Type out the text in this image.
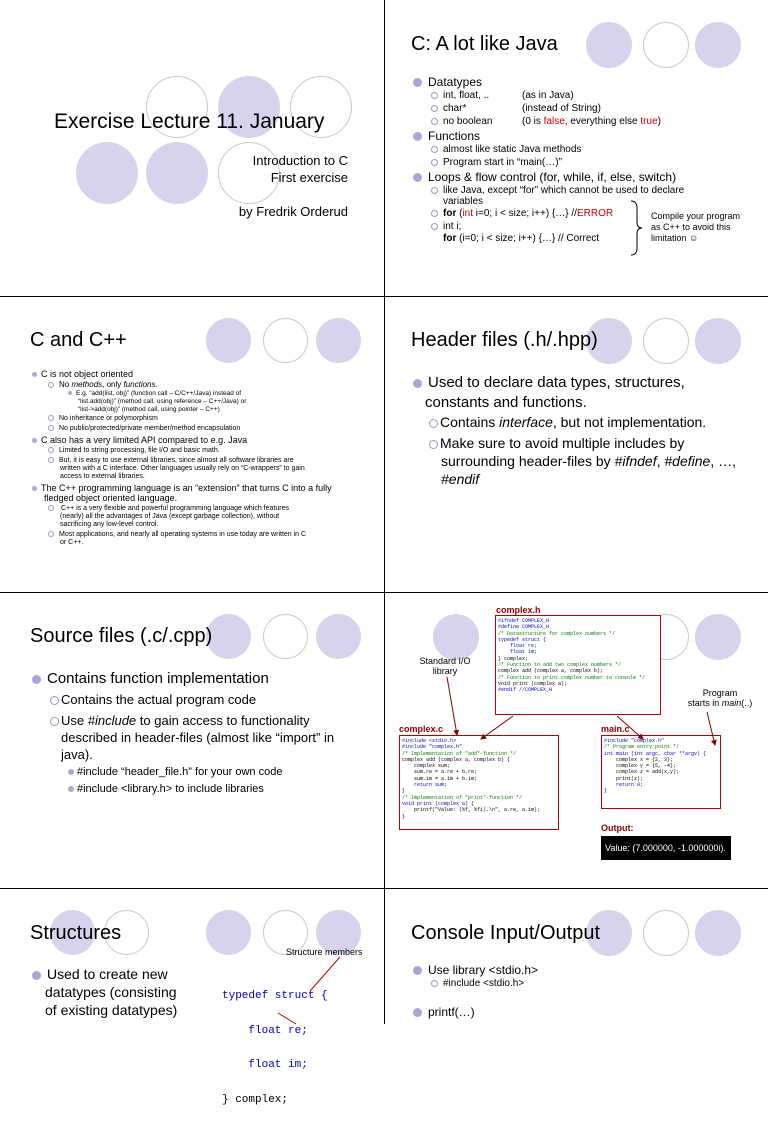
Exercise Lecture 11. January
Introduction to C
First exercise
by Fredrik Orderud
C: A lot like Java
Datatypes
int, float, ..	(as in Java)
char*	(instead of String)
no boolean	(0 is false, everything else true)
Functions
almost like static Java methods
Program start in “main(…)”
Loops & flow control (for, while, if, else, switch)
like Java, except “for” which cannot be used to declare
variables
for (int i=0; i < size; i++) {…} //ERROR
int i;
for (i=0; i < size; i++) {…} // Correct
Compile your program
as C++ to avoid this
limitation ☺
C and C++
C is not object oriented
No methods, only functions.
E.g. “add(list, obj)” (function call – C/C++/Java) instead of
“list.add(obj)” (method call, using reference – C++/Java) or
“list->add(obj)” (method call, using pointer – C++)
No inheritance or polymorphism
No public/protected/private member/method encapsulation
C also has a very limited API compared to e.g. Java
Limited to string processing, file I/O and basic math.
But, it is easy to use external libraries, since almost all software libraries are
written with a C interface. Other languages usually rely on “C-wrappers” to gain
access to external libraries.
The C++ programming language is an “extension” that turns C into a fully
fledged object oriented language.
C++ is a very flexible and powerful programming language which features
(nearly) all the advantages of Java (except garbage collection), without
sacrificing any low-level control.
Most applications, and nearly all operating systems in use today are written in C
or C++.
Header files (.h/.hpp)
Used to declare data types, structures,
constants and functions.
Contains interface, but not implementation.
Make sure to avoid multiple includes by
surrounding header-files by #ifndef, #define, …,
#endif
Source files (.c/.cpp)
Contains function implementation
Contains the actual program code
Use #include to gain access to functionality
described in header-files (almost like “import” in
java).
#include “header_file.h” for your own code
#include <library.h> to include libraries
complex.h
#ifndef COMPLEX_H
#define COMPLEX_H
/* Datastructure for complex numbers */
typedef struct {
float re;
float im;
} complex;
/* Function to add two complex numbers */
complex add (complex a, complex b);
/* Function to print complex number to console */
void print (complex a);
#endif //COMPLEX_H
Standard I/O
library
Program
starts in main(..)
complex.c
#include <stdio.h>
#include "complex.h"
/* Implementation of "add"-function */
complex add (complex a, complex b) {
complex sum;
sum.re = a.re + b.re;
sum.im = a.im + b.im;
return sum;
}
/* Implementation of "print"-function */
void print (complex a) {
printf("Value: (%f, %fi).\n", a.re, a.im);
}
main.c
#include "complex.h"
/* Program entry point */
int main (int argc, char **argv) {
complex x = {2, 3};
complex y = {5, -4};
complex z = add(x,y);
print(z);
return 0;
}
Output:
Value: (7.000000, -1.000000i).
Structures
Structure members
Used to create new
datatypes (consisting
of existing datatypes)

typedef struct {

float re;

float im;

} complex;

Console Input/Output
Use library <stdio.h>
#include <stdio.h>
printf(…)
